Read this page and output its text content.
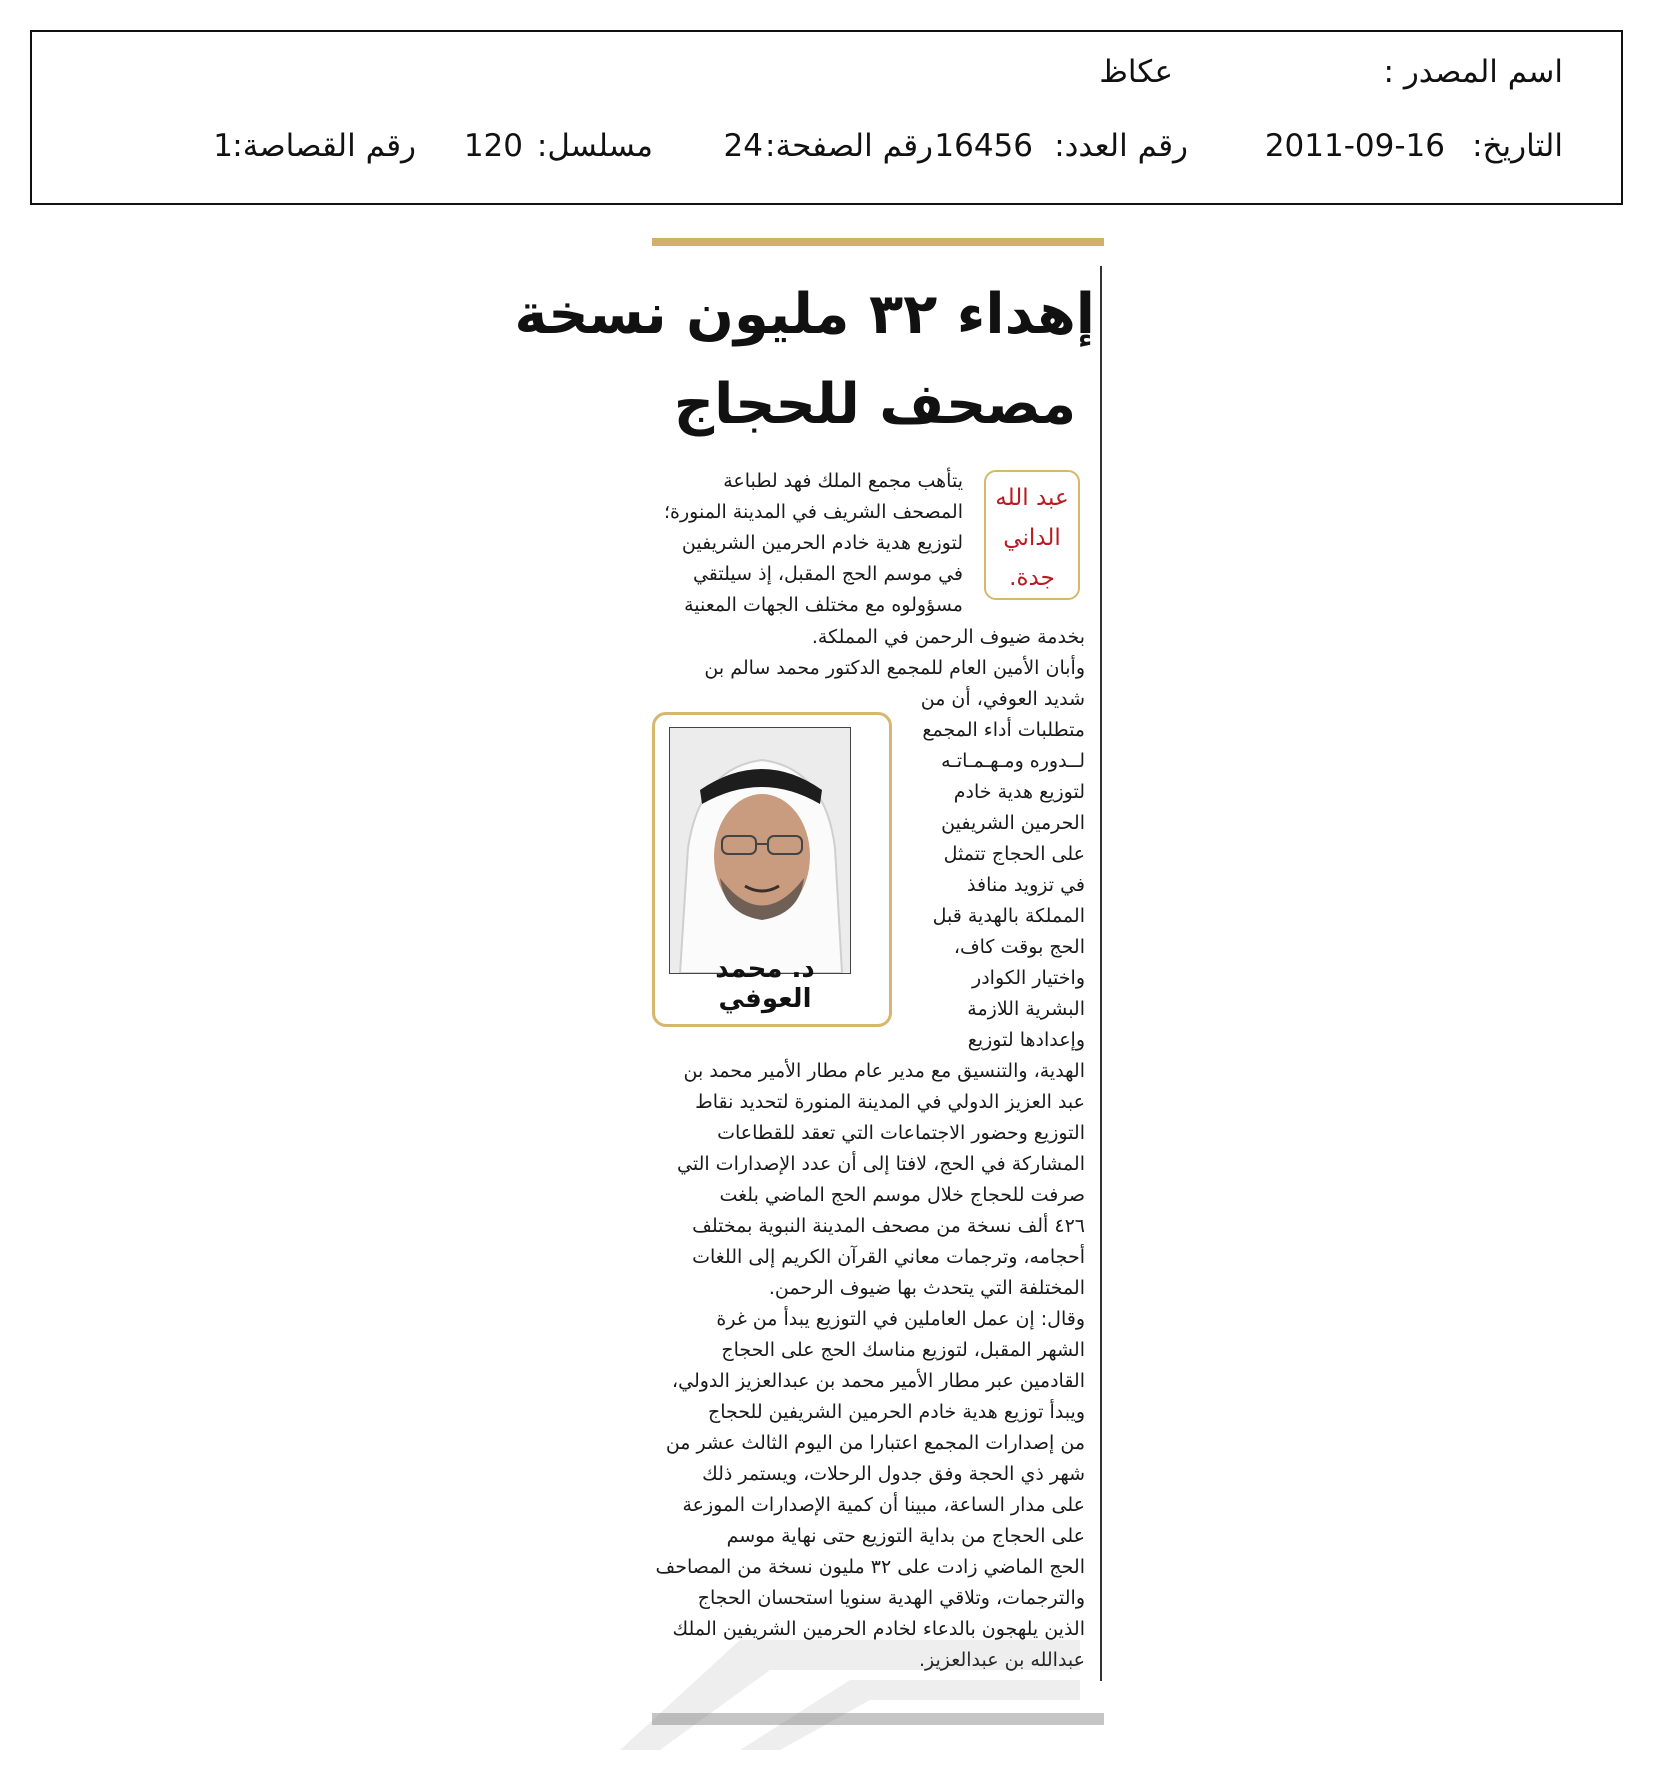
اسم المصدر :
عكاظ
التاريخ:
2011-09-16
رقم العدد:
16456
رقم الصفحة:
24
مسلسل:
120
رقم القصاصة:
1
إهداء ٣٢ مليون نسخة
مصحف للحجاج
عبد الله
الداني
جدة.
يتأهب مجمع الملك فهد لطباعة
المصحف الشريف في المدينة المنورة؛
لتوزيع هدية خادم الحرمين الشريفين
في موسم الحج المقبل، إذ سيلتقي
مسؤولوه مع مختلف الجهات المعنية
بخدمة ضيوف الرحمن في المملكة.
وأبان الأمين العام للمجمع الدكتور محمد سالم بن
شديد العوفي، أن من
متطلبات أداء المجمع
لــدوره ومـهـمـاتـه
لتوزيع هدية خادم
الحرمين الشريفين
على الحجاج تتمثل
في تزويد منافذ
المملكة بالهدية قبل
الحج بوقت كاف،
واختيار الكوادر
البشرية اللازمة
وإعدادها لتوزيع
الهدية، والتنسيق مع مدير عام مطار الأمير محمد بن
عبد العزيز الدولي في المدينة المنورة لتحديد نقاط
التوزيع وحضور الاجتماعات التي تعقد للقطاعات
المشاركة في الحج، لافتا إلى أن عدد الإصدارات التي
صرفت للحجاج خلال موسم الحج الماضي بلغت
٤٢٦ ألف نسخة من مصحف المدينة النبوية بمختلف
أحجامه، وترجمات معاني القرآن الكريم إلى اللغات
المختلفة التي يتحدث بها ضيوف الرحمن.
وقال: إن عمل العاملين في التوزيع يبدأ من غرة
الشهر المقبل، لتوزيع مناسك الحج على الحجاج
القادمين عبر مطار الأمير محمد بن عبدالعزيز الدولي،
ويبدأ توزيع هدية خادم الحرمين الشريفين للحجاج
من إصدارات المجمع اعتبارا من اليوم الثالث عشر من
شهر ذي الحجة وفق جدول الرحلات، ويستمر ذلك
على مدار الساعة، مبينا أن كمية الإصدارات الموزعة
على الحجاج من بداية التوزيع حتى نهاية موسم
الحج الماضي زادت على ٣٢ مليون نسخة من المصاحف
والترجمات، وتلاقي الهدية سنويا استحسان الحجاج
الذين يلهجون بالدعاء لخادم الحرمين الشريفين الملك
عبدالله بن عبدالعزيز.
د. محمد العوفي
